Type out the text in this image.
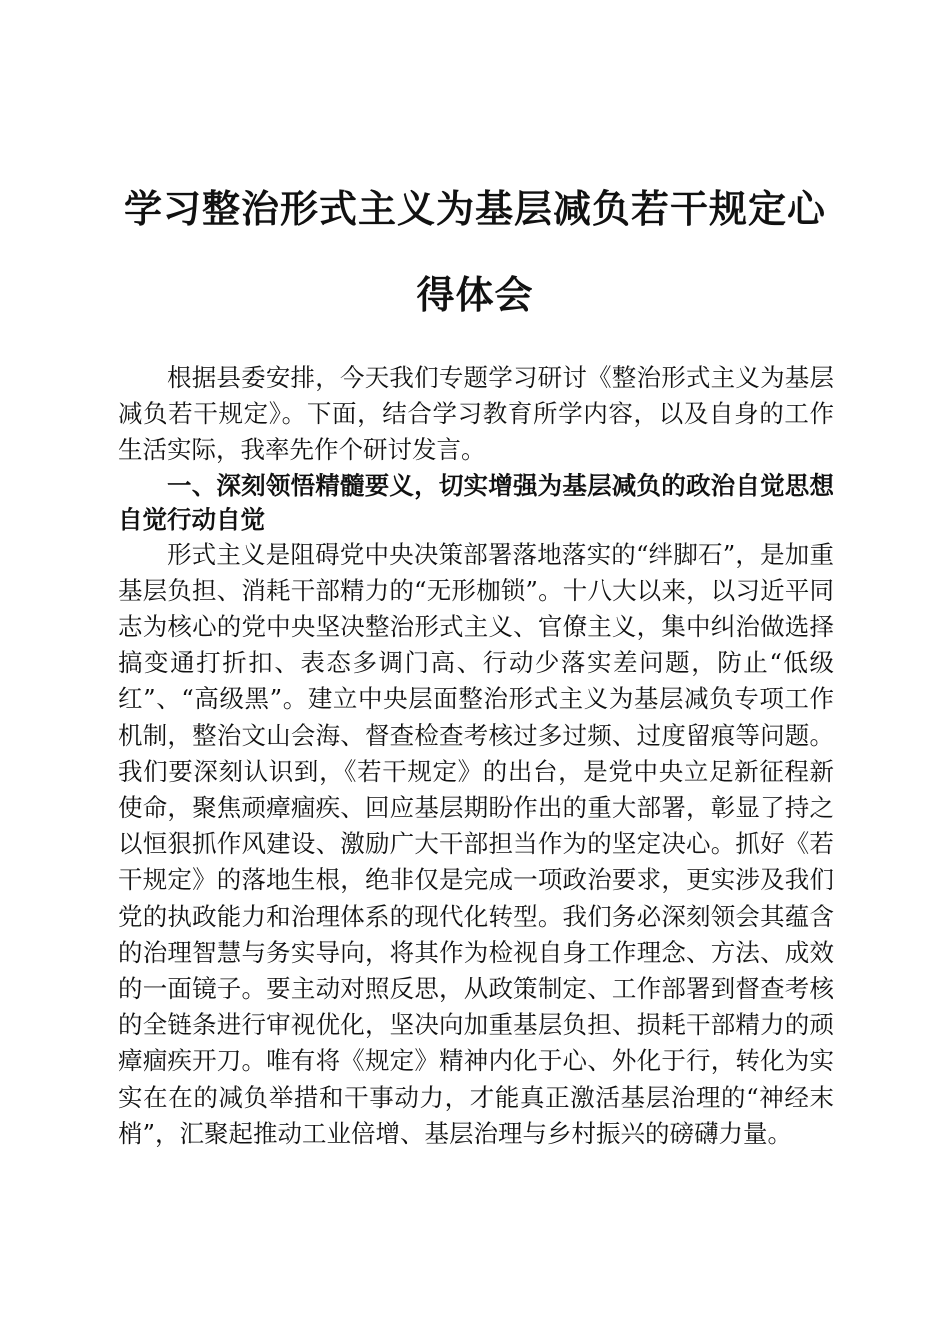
学习整治形式主义为基层减负若干规定心得体会

根据县委安排，今天我们专题学习研讨《整治形式主义为基层减负若干规定》。下面，结合学习教育所学内容，以及自身的工作生活实际，我率先作个研讨发言。

一、深刻领悟精髓要义，切实增强为基层减负的政治自觉思想自觉行动自觉

形式主义是阻碍党中央决策部署落地落实的“绊脚石”，是加重基层负担、消耗干部精力的“无形枷锁”。十八大以来，以习近平同志为核心的党中央坚决整治形式主义、官僚主义，集中纠治做选择搞变通打折扣、表态多调门高、行动少落实差问题，防止“低级红”、“高级黑”。建立中央层面整治形式主义为基层减负专项工作机制，整治文山会海、督查检查考核过多过频、过度留痕等问题。我们要深刻认识到，《若干规定》的出台，是党中央立足新征程新使命，聚焦顽瘴痼疾、回应基层期盼作出的重大部署，彰显了持之以恒狠抓作风建设、激励广大干部担当作为的坚定决心。抓好《若干规定》的落地生根，绝非仅是完成一项政治要求，更实涉及我们党的执政能力和治理体系的现代化转型。我们务必深刻领会其蕴含的治理智慧与务实导向，将其作为检视自身工作理念、方法、成效的一面镜子。要主动对照反思，从政策制定、工作部署到督查考核的全链条进行审视优化，坚决向加重基层负担、损耗干部精力的顽瘴痼疾开刀。唯有将《规定》精神内化于心、外化于行，转化为实实在在的减负举措和干事动力，才能真正激活基层治理的“神经末梢”，汇聚起推动工业倍增、基层治理与乡村振兴的磅礴力量。
